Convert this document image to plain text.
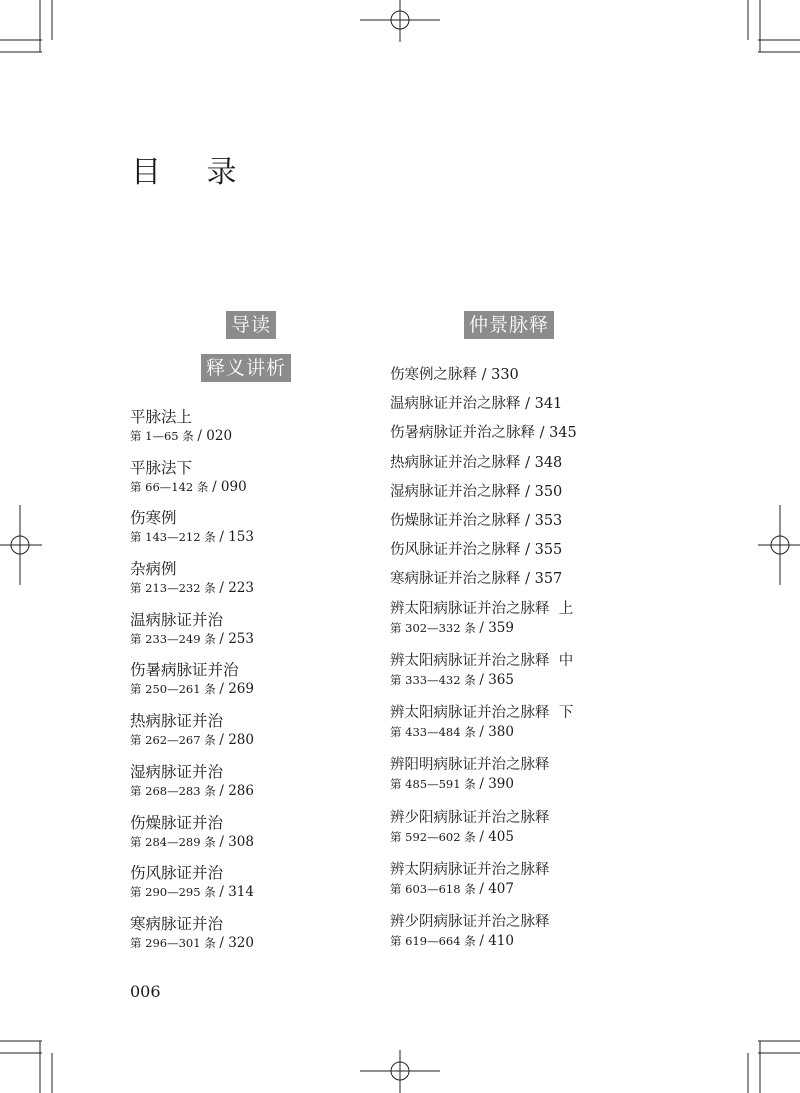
目 录
导读
释义讲析
仲景脉释
平脉法上
第 1—65 条 / 020
平脉法下
第 66—142 条 / 090
伤寒例
第 143—212 条 / 153
杂病例
第 213—232 条 / 223
温病脉证并治
第 233—249 条 / 253
伤暑病脉证并治
第 250—261 条 / 269
热病脉证并治
第 262—267 条 / 280
湿病脉证并治
第 268—283 条 / 286
伤燥脉证并治
第 284—289 条 / 308
伤风脉证并治
第 290—295 条 / 314
寒病脉证并治
第 296—301 条 / 320
伤寒例之脉释 / 330
温病脉证并治之脉释 / 341
伤暑病脉证并治之脉释 / 345
热病脉证并治之脉释 / 348
湿病脉证并治之脉释 / 350
伤燥脉证并治之脉释 / 353
伤风脉证并治之脉释 / 355
寒病脉证并治之脉释 / 357
辨太阳病脉证并治之脉释  上
第 302—332 条 / 359
辨太阳病脉证并治之脉释  中
第 333—432 条 / 365
辨太阳病脉证并治之脉释  下
第 433—484 条 / 380
辨阳明病脉证并治之脉释
第 485—591 条 / 390
辨少阳病脉证并治之脉释
第 592—602 条 / 405
辨太阴病脉证并治之脉释
第 603—618 条 / 407
辨少阴病脉证并治之脉释
第 619—664 条 / 410
006
